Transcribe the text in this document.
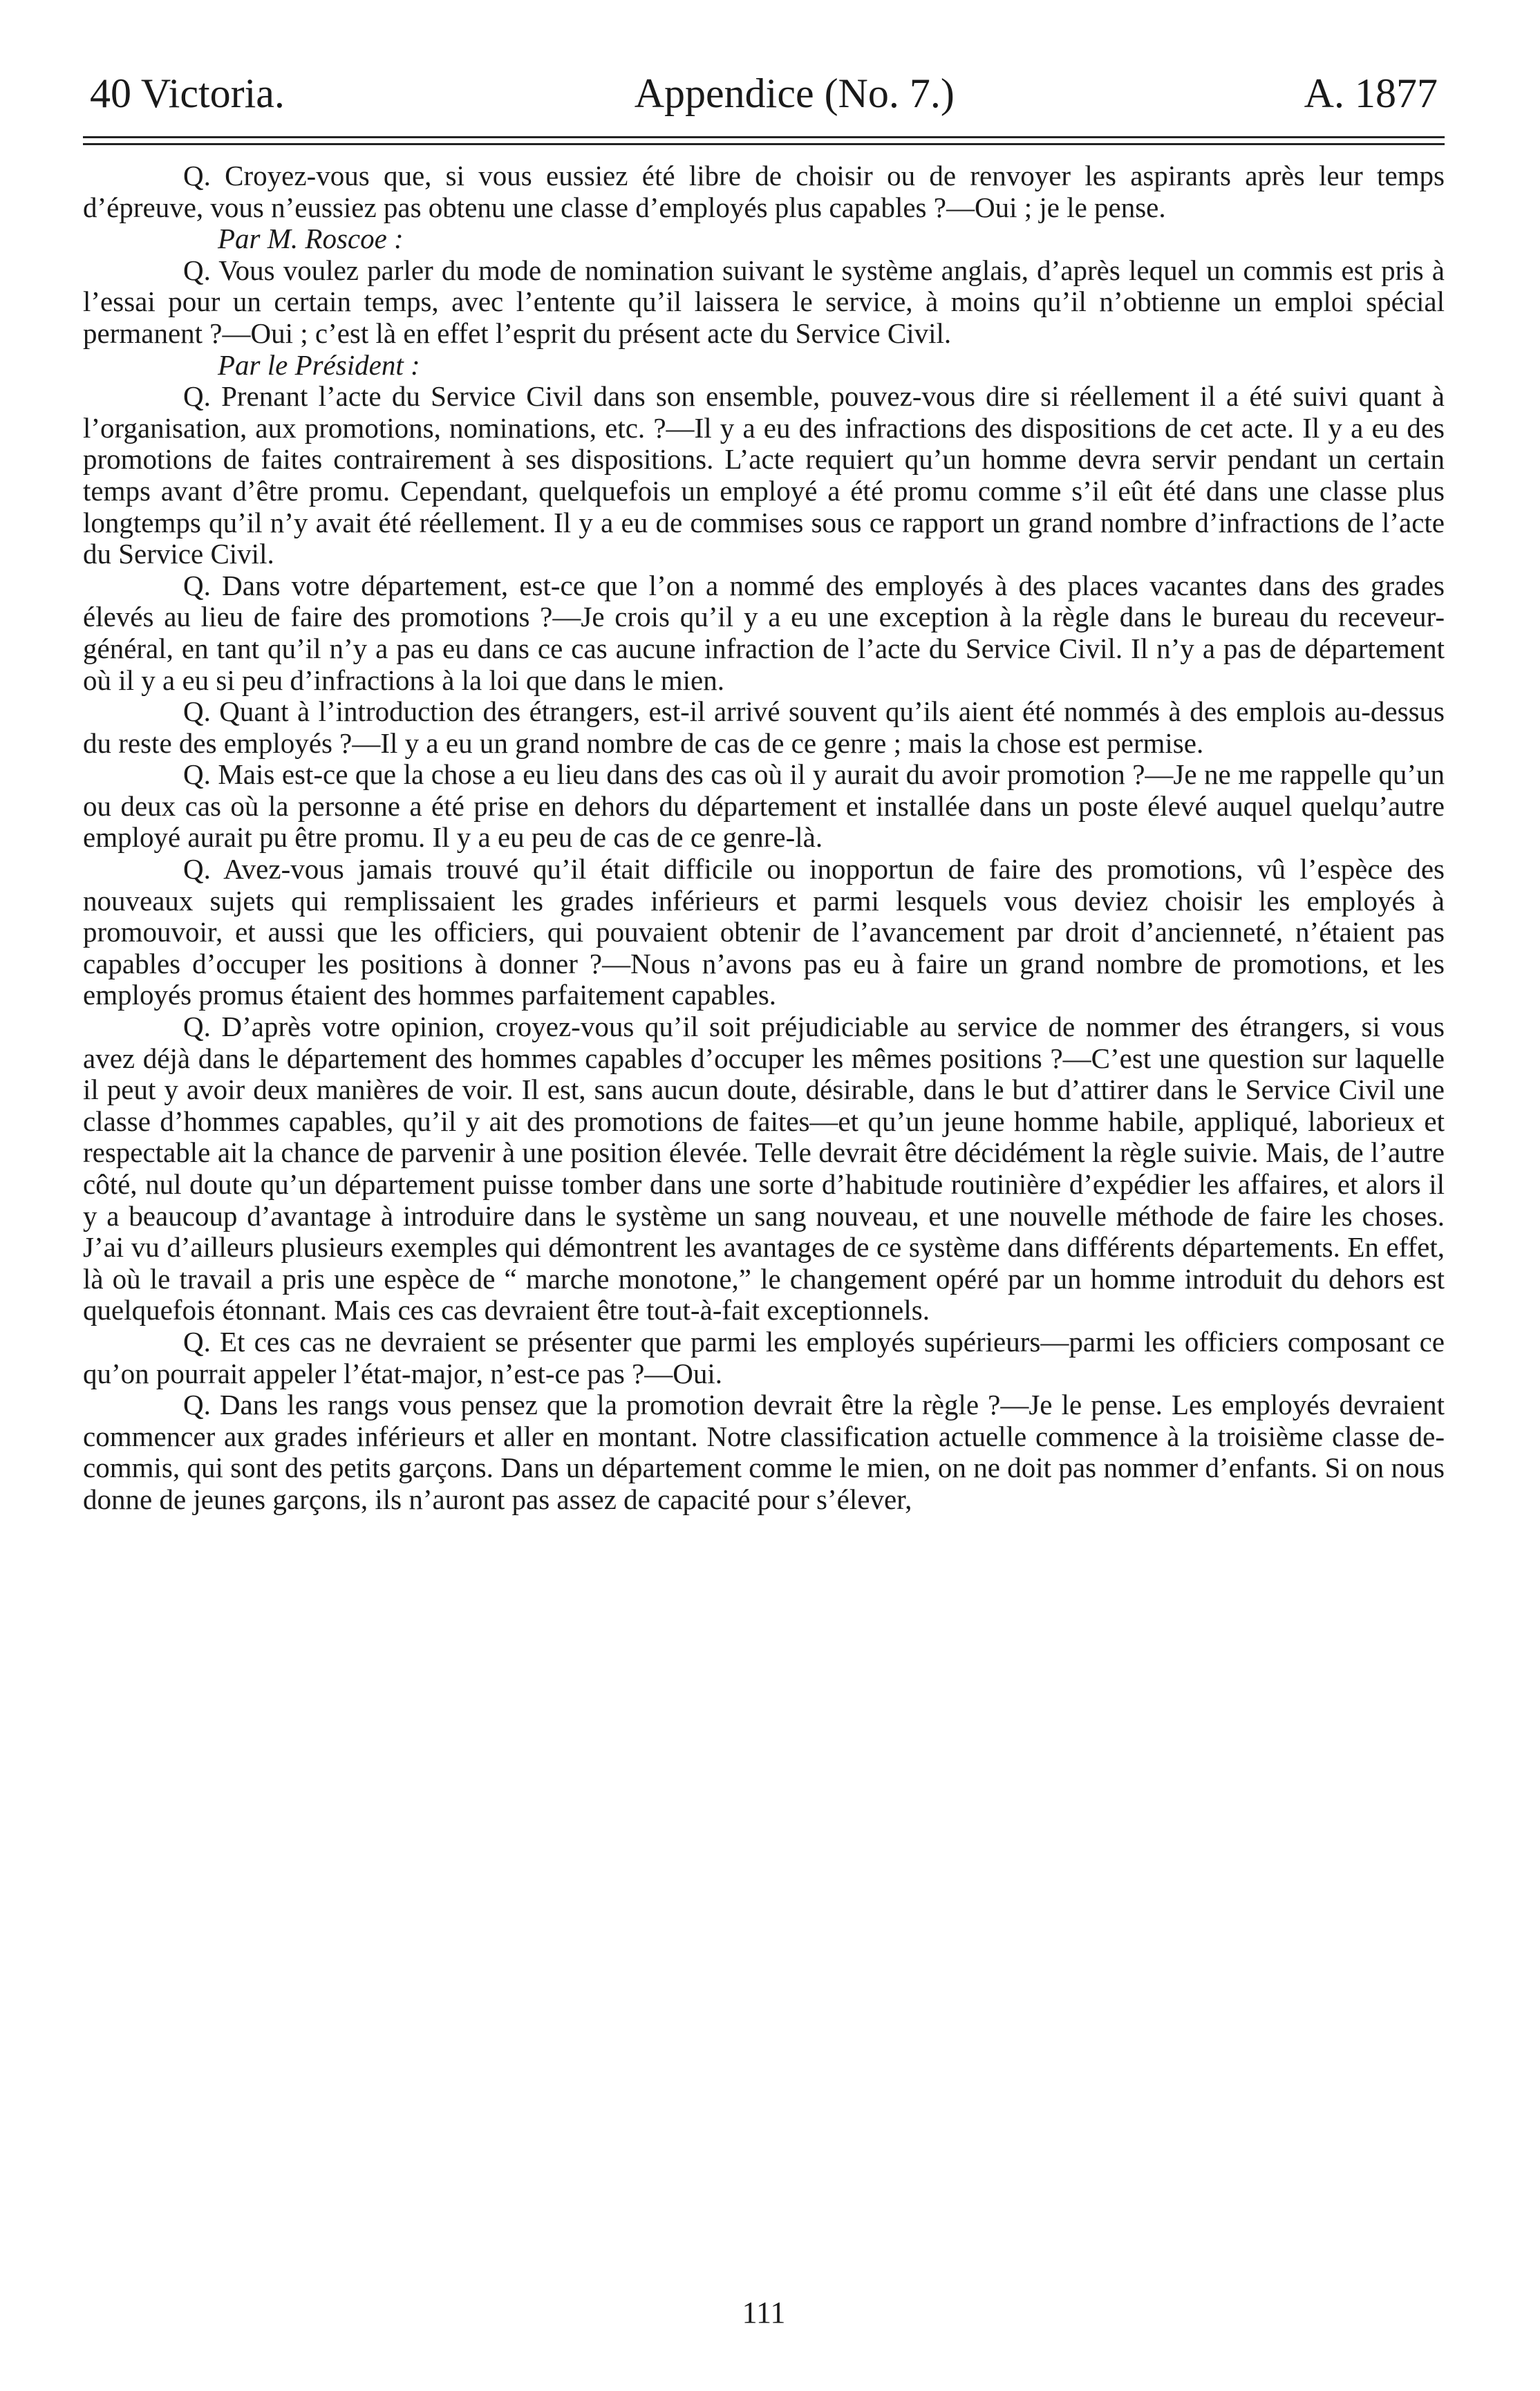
40 Victoria.	Appendice (No. 7.)	A. 1877

Q. Croyez-vous que, si vous eussiez été libre de choisir ou de renvoyer les aspirants après leur temps d’épreuve, vous n’eussiez pas obtenu une classe d’employés plus capables ?—Oui ; je le pense.

Par M. Roscoe :

Q. Vous voulez parler du mode de nomination suivant le système anglais, d’après lequel un commis est pris à l’essai pour un certain temps, avec l’entente qu’il laissera le service, à moins qu’il n’obtienne un emploi spécial permanent ?—Oui ; c’est là en effet l’esprit du présent acte du Service Civil.

Par le Président :

Q. Prenant l’acte du Service Civil dans son ensemble, pouvez-vous dire si réellement il a été suivi quant à l’organisation, aux promotions, nominations, etc. ?—Il y a eu des infractions des dispositions de cet acte. Il y a eu des promotions de faites contrairement à ses dispositions. L’acte requiert qu’un homme devra servir pendant un certain temps avant d’être promu. Cependant, quelquefois un employé a été promu comme s’il eût été dans une classe plus longtemps qu’il n’y avait été réellement. Il y a eu de commises sous ce rapport un grand nombre d’infractions de l’acte du Service Civil.

Q. Dans votre département, est-ce que l’on a nommé des employés à des places vacantes dans des grades élevés au lieu de faire des promotions ?—Je crois qu’il y a eu une exception à la règle dans le bureau du receveur-général, en tant qu’il n’y a pas eu dans ce cas aucune infraction de l’acte du Service Civil. Il n’y a pas de département où il y a eu si peu d’infractions à la loi que dans le mien.

Q. Quant à l’introduction des étrangers, est-il arrivé souvent qu’ils aient été nommés à des emplois au-dessus du reste des employés ?—Il y a eu un grand nombre de cas de ce genre ; mais la chose est permise.

Q. Mais est-ce que la chose a eu lieu dans des cas où il y aurait du avoir promotion ?—Je ne me rappelle qu’un ou deux cas où la personne a été prise en dehors du département et installée dans un poste élevé auquel quelqu’autre employé aurait pu être promu. Il y a eu peu de cas de ce genre-là.

Q. Avez-vous jamais trouvé qu’il était difficile ou inopportun de faire des promotions, vû l’espèce des nouveaux sujets qui remplissaient les grades inférieurs et parmi lesquels vous deviez choisir les employés à promouvoir, et aussi que les officiers, qui pouvaient obtenir de l’avancement par droit d’ancienneté, n’étaient pas capables d’occuper les positions à donner ?—Nous n’avons pas eu à faire un grand nombre de promotions, et les employés promus étaient des hommes parfaitement capables.

Q. D’après votre opinion, croyez-vous qu’il soit préjudiciable au service de nommer des étrangers, si vous avez déjà dans le département des hommes capables d’occuper les mêmes positions ?—C’est une question sur laquelle il peut y avoir deux manières de voir. Il est, sans aucun doute, désirable, dans le but d’attirer dans le Service Civil une classe d’hommes capables, qu’il y ait des promotions de faites—et qu’un jeune homme habile, appliqué, laborieux et respectable ait la chance de parvenir à une position élevée. Telle devrait être décidément la règle suivie. Mais, de l’autre côté, nul doute qu’un département puisse tomber dans une sorte d’habitude routinière d’expédier les affaires, et alors il y a beaucoup d’avantage à introduire dans le système un sang nouveau, et une nouvelle méthode de faire les choses. J’ai vu d’ailleurs plusieurs exemples qui démontrent les avantages de ce système dans différents départements. En effet, là où le travail a pris une espèce de “ marche monotone,” le changement opéré par un homme introduit du dehors est quelquefois étonnant. Mais ces cas devraient être tout-à-fait exceptionnels.

Q. Et ces cas ne devraient se présenter que parmi les employés supérieurs—parmi les officiers composant ce qu’on pourrait appeler l’état-major, n’est-ce pas ?—Oui.

Q. Dans les rangs vous pensez que la promotion devrait être la règle ?—Je le pense. Les employés devraient commencer aux grades inférieurs et aller en montant. Notre classification actuelle commence à la troisième classe de-commis, qui sont des petits garçons. Dans un département comme le mien, on ne doit pas nommer d’enfants. Si on nous donne de jeunes garçons, ils n’auront pas assez de capacité pour s’élever,

111
